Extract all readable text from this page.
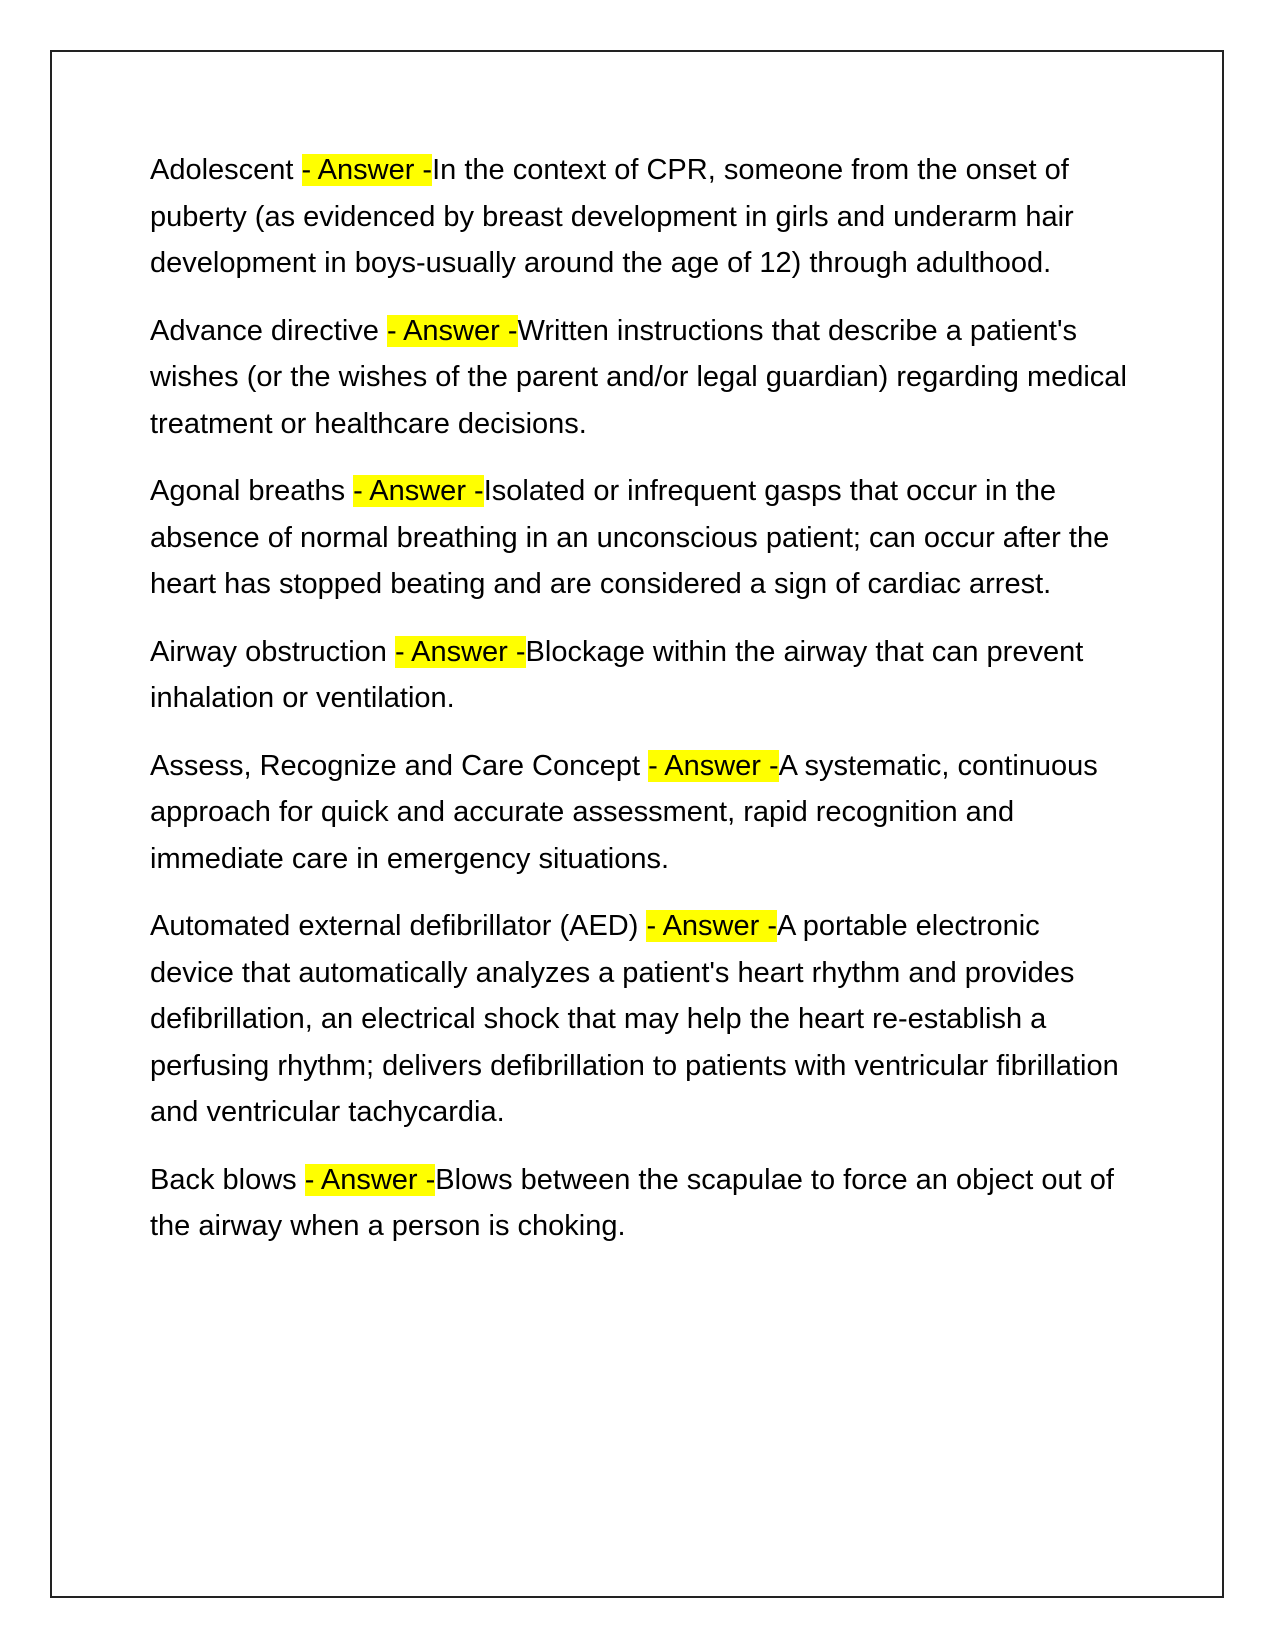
Adolescent - Answer -In the context of CPR, someone from the onset of puberty (as evidenced by breast development in girls and underarm hair development in boys-usually around the age of 12) through adulthood.

Advance directive - Answer -Written instructions that describe a patient's wishes (or the wishes of the parent and/or legal guardian) regarding medical treatment or healthcare decisions.

Agonal breaths - Answer -Isolated or infrequent gasps that occur in the absence of normal breathing in an unconscious patient; can occur after the heart has stopped beating and are considered a sign of cardiac arrest.

Airway obstruction - Answer -Blockage within the airway that can prevent inhalation or ventilation.

Assess, Recognize and Care Concept - Answer -A systematic, continuous approach for quick and accurate assessment, rapid recognition and immediate care in emergency situations.

Automated external defibrillator (AED) - Answer -A portable electronic device that automatically analyzes a patient's heart rhythm and provides defibrillation, an electrical shock that may help the heart re-establish a perfusing rhythm; delivers defibrillation to patients with ventricular fibrillation and ventricular tachycardia.

Back blows - Answer -Blows between the scapulae to force an object out of the airway when a person is choking.
